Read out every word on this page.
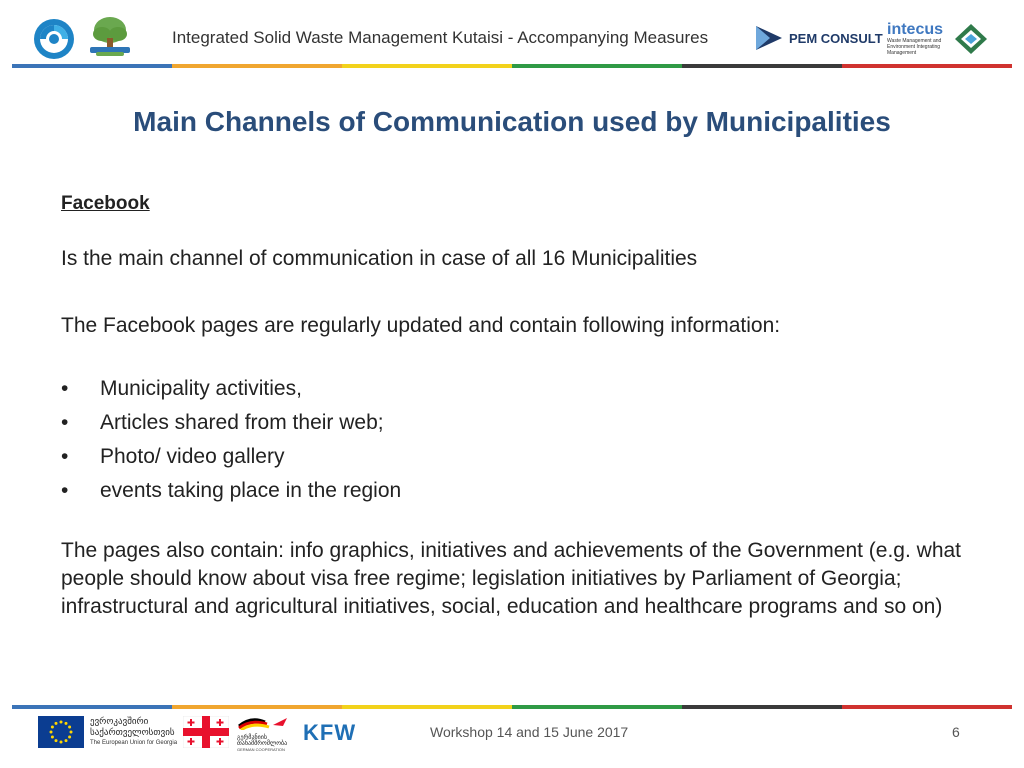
Integrated Solid Waste Management Kutaisi - Accompanying Measures	PEM CONSULT
intecus
Waste Management and Environment Integrating Management
Main Channels of Communication used by Municipalities
Facebook
Is the main channel of communication in case of all 16 Municipalities
The Facebook pages are regularly updated and contain following information:
• Municipality activities,
• Articles shared from their web;
• Photo/ video gallery
• events taking place in the region
The pages also contain: info graphics, initiatives and achievements of the Government (e.g. what people should know about visa free regime; legislation initiatives by Parliament of Georgia; infrastructural and agricultural initiatives, social, education and healthcare programs and so on)
ევროკავშირი
საქართველოსთვის
The European Union for Georgia
გერმანიის
თანამშრომლობა
GERMAN COOPERATION
KFW	Workshop 14 and 15 June 2017	6
